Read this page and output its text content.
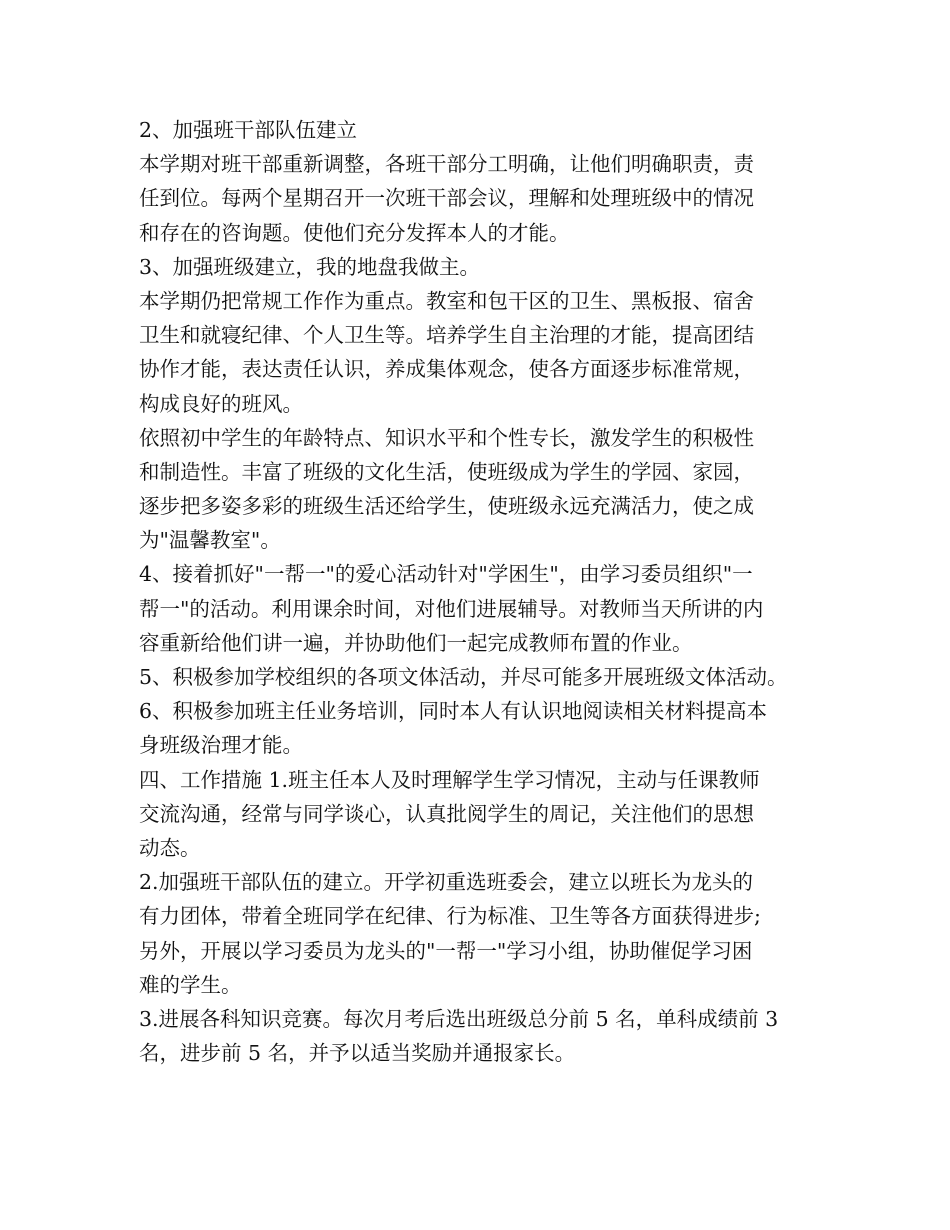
2、加强班干部队伍建立
本学期对班干部重新调整，各班干部分工明确，让他们明确职责，责
任到位。每两个星期召开一次班干部会议，理解和处理班级中的情况
和存在的咨询题。使他们充分发挥本人的才能。
3、加强班级建立，我的地盘我做主。
本学期仍把常规工作作为重点。教室和包干区的卫生、黑板报、宿舍
卫生和就寝纪律、个人卫生等。培养学生自主治理的才能，提高团结
协作才能，表达责任认识，养成集体观念，使各方面逐步标准常规，
构成良好的班风。
依照初中学生的年龄特点、知识水平和个性专长，激发学生的积极性
和制造性。丰富了班级的文化生活，使班级成为学生的学园、家园，
逐步把多姿多彩的班级生活还给学生，使班级永远充满活力，使之成
为"温馨教室"。
4、接着抓好"一帮一"的爱心活动针对"学困生"，由学习委员组织"一
帮一"的活动。利用课余时间，对他们进展辅导。对教师当天所讲的内
容重新给他们讲一遍，并协助他们一起完成教师布置的作业。
5、积极参加学校组织的各项文体活动，并尽可能多开展班级文体活动。
6、积极参加班主任业务培训，同时本人有认识地阅读相关材料提高本
身班级治理才能。
四、工作措施 1.班主任本人及时理解学生学习情况，主动与任课教师
交流沟通，经常与同学谈心，认真批阅学生的周记，关注他们的思想
动态。
2.加强班干部队伍的建立。开学初重选班委会，建立以班长为龙头的
有力团体，带着全班同学在纪律、行为标准、卫生等各方面获得进步;
另外，开展以学习委员为龙头的"一帮一"学习小组，协助催促学习困
难的学生。
3.进展各科知识竞赛。每次月考后选出班级总分前 5 名，单科成绩前 3
名，进步前 5 名，并予以适当奖励并通报家长。
